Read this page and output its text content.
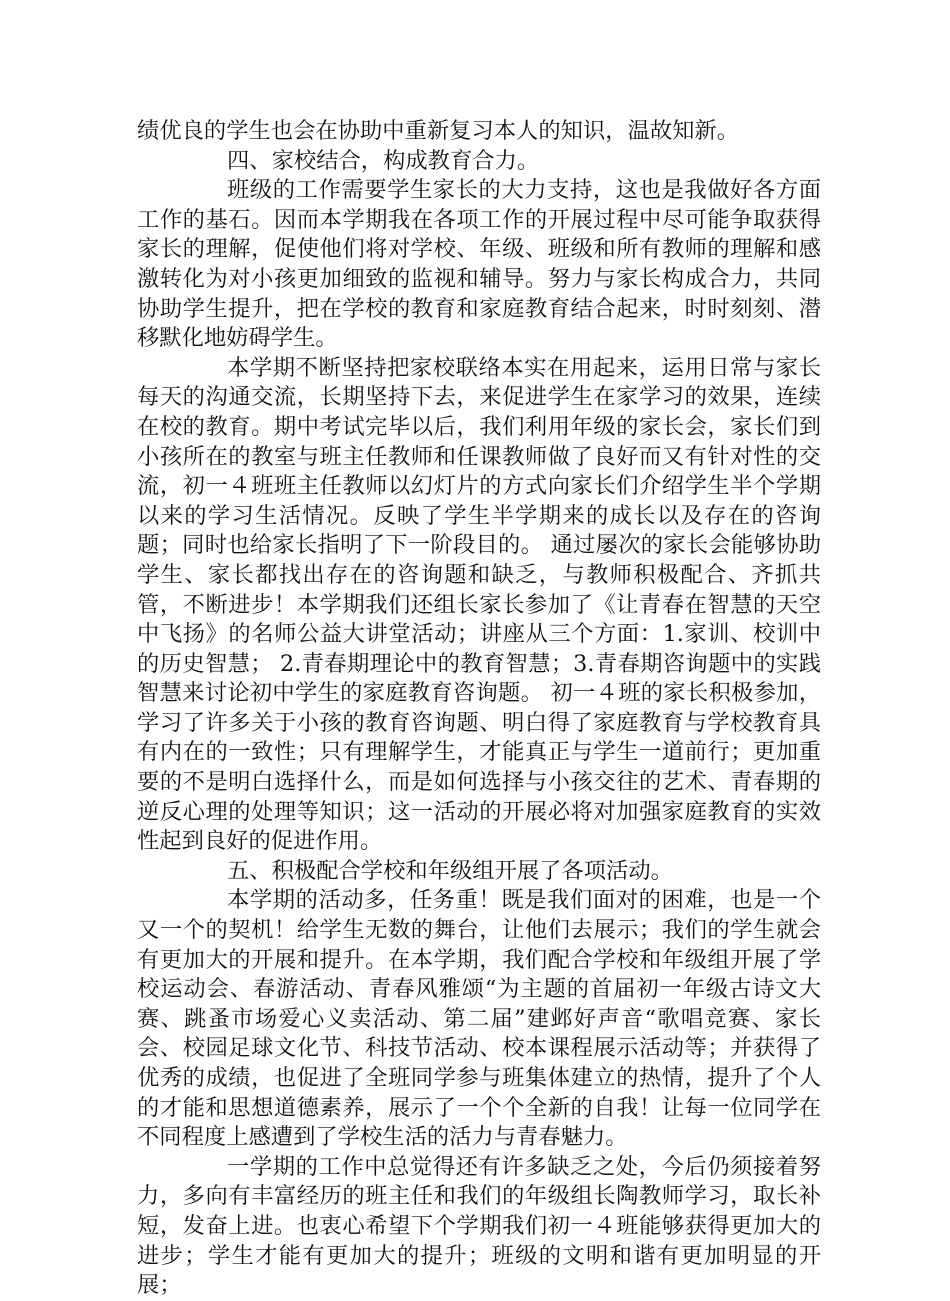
绩优良的学生也会在协助中重新复习本人的知识，温故知新。

四、家校结合，构成教育合力。

班级的工作需要学生家长的大力支持，这也是我做好各方面工作的基石。因而本学期我在各项工作的开展过程中尽可能争取获得家长的理解，促使他们将对学校、年级、班级和所有教师的理解和感激转化为对小孩更加细致的监视和辅导。努力与家长构成合力，共同协助学生提升，把在学校的教育和家庭教育结合起来，时时刻刻、潜移默化地妨碍学生。

本学期不断坚持把家校联络本实在用起来，运用日常与家长每天的沟通交流，长期坚持下去，来促进学生在家学习的效果，连续在校的教育。期中考试完毕以后，我们利用年级的家长会，家长们到小孩所在的教室与班主任教师和任课教师做了良好而又有针对性的交流，初一４班班主任教师以幻灯片的方式向家长们介绍学生半个学期以来的学习生活情况。反映了学生半学期来的成长以及存在的咨询题；同时也给家长指明了下一阶段目的。 通过屡次的家长会能够协助学生、家长都找出存在的咨询题和缺乏，与教师积极配合、齐抓共管，不断进步！本学期我们还组长家长参加了《让青春在智慧的天空中飞扬》的名师公益大讲堂活动；讲座从三个方面：1.家训、校训中的历史智慧； 2.青春期理论中的教育智慧；3.青春期咨询题中的实践智慧来讨论初中学生的家庭教育咨询题。 初一４班的家长积极参加，学习了许多关于小孩的教育咨询题、明白得了家庭教育与学校教育具有内在的一致性；只有理解学生，才能真正与学生一道前行；更加重要的不是明白选择什么，而是如何选择与小孩交往的艺术、青春期的逆反心理的处理等知识；这一活动的开展必将对加强家庭教育的实效性起到良好的促进作用。

五、积极配合学校和年级组开展了各项活动。

本学期的活动多，任务重！既是我们面对的困难，也是一个又一个的契机！给学生无数的舞台，让他们去展示；我们的学生就会有更加大的开展和提升。在本学期，我们配合学校和年级组开展了学校运动会、春游活动、青春风雅颂“为主题的首届初一年级古诗文大赛、跳蚤市场爱心义卖活动、第二届”建邺好声音“歌唱竞赛、家长会、校园足球文化节、科技节活动、校本课程展示活动等；并获得了优秀的成绩，也促进了全班同学参与班集体建立的热情，提升了个人的才能和思想道德素养，展示了一个个全新的自我！让每一位同学在不同程度上感遭到了学校生活的活力与青春魅力。

一学期的工作中总觉得还有许多缺乏之处，今后仍须接着努力，多向有丰富经历的班主任和我们的年级组长陶教师学习，取长补短，发奋上进。也衷心希望下个学期我们初一４班能够获得更加大的进步；学生才能有更加大的提升；班级的文明和谐有更加明显的开展；
